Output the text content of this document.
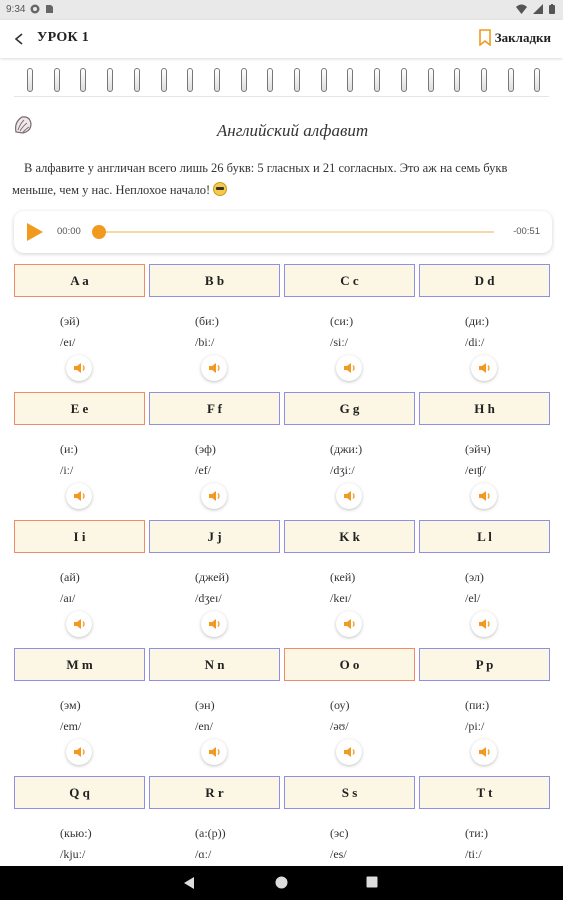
9:34
УРОК 1	Закладки
Английский алфавит

В алфавите у англичан всего лишь 26 букв: 5 гласных и 21 согласных. Это аж на семь букв меньше, чем у нас. Неплохое начало!

00:00	-00:51
A a
(эй)
/eɪ/
B b
(би:)
/biː/
C c
(си:)
/siː/
D d
(ди:)
/diː/
E e
(и:)
/iː/
F f
(эф)
/ef/
G g
(джи:)
/dʒiː/
H h
(эйч)
/eɪʧ/
I i
(ай)
/aɪ/
J j
(джей)
/dʒeɪ/
K k
(кей)
/keɪ/
L l
(эл)
/el/
M m
(эм)
/em/
N n
(эн)
/en/
O o
(оу)
/əʊ/
P p
(пи:)
/piː/
Q q
(кью:)
/kjuː/
R r
(а:(р))
/ɑː/
S s
(эс)
/es/
T t
(ти:)
/tiː/
